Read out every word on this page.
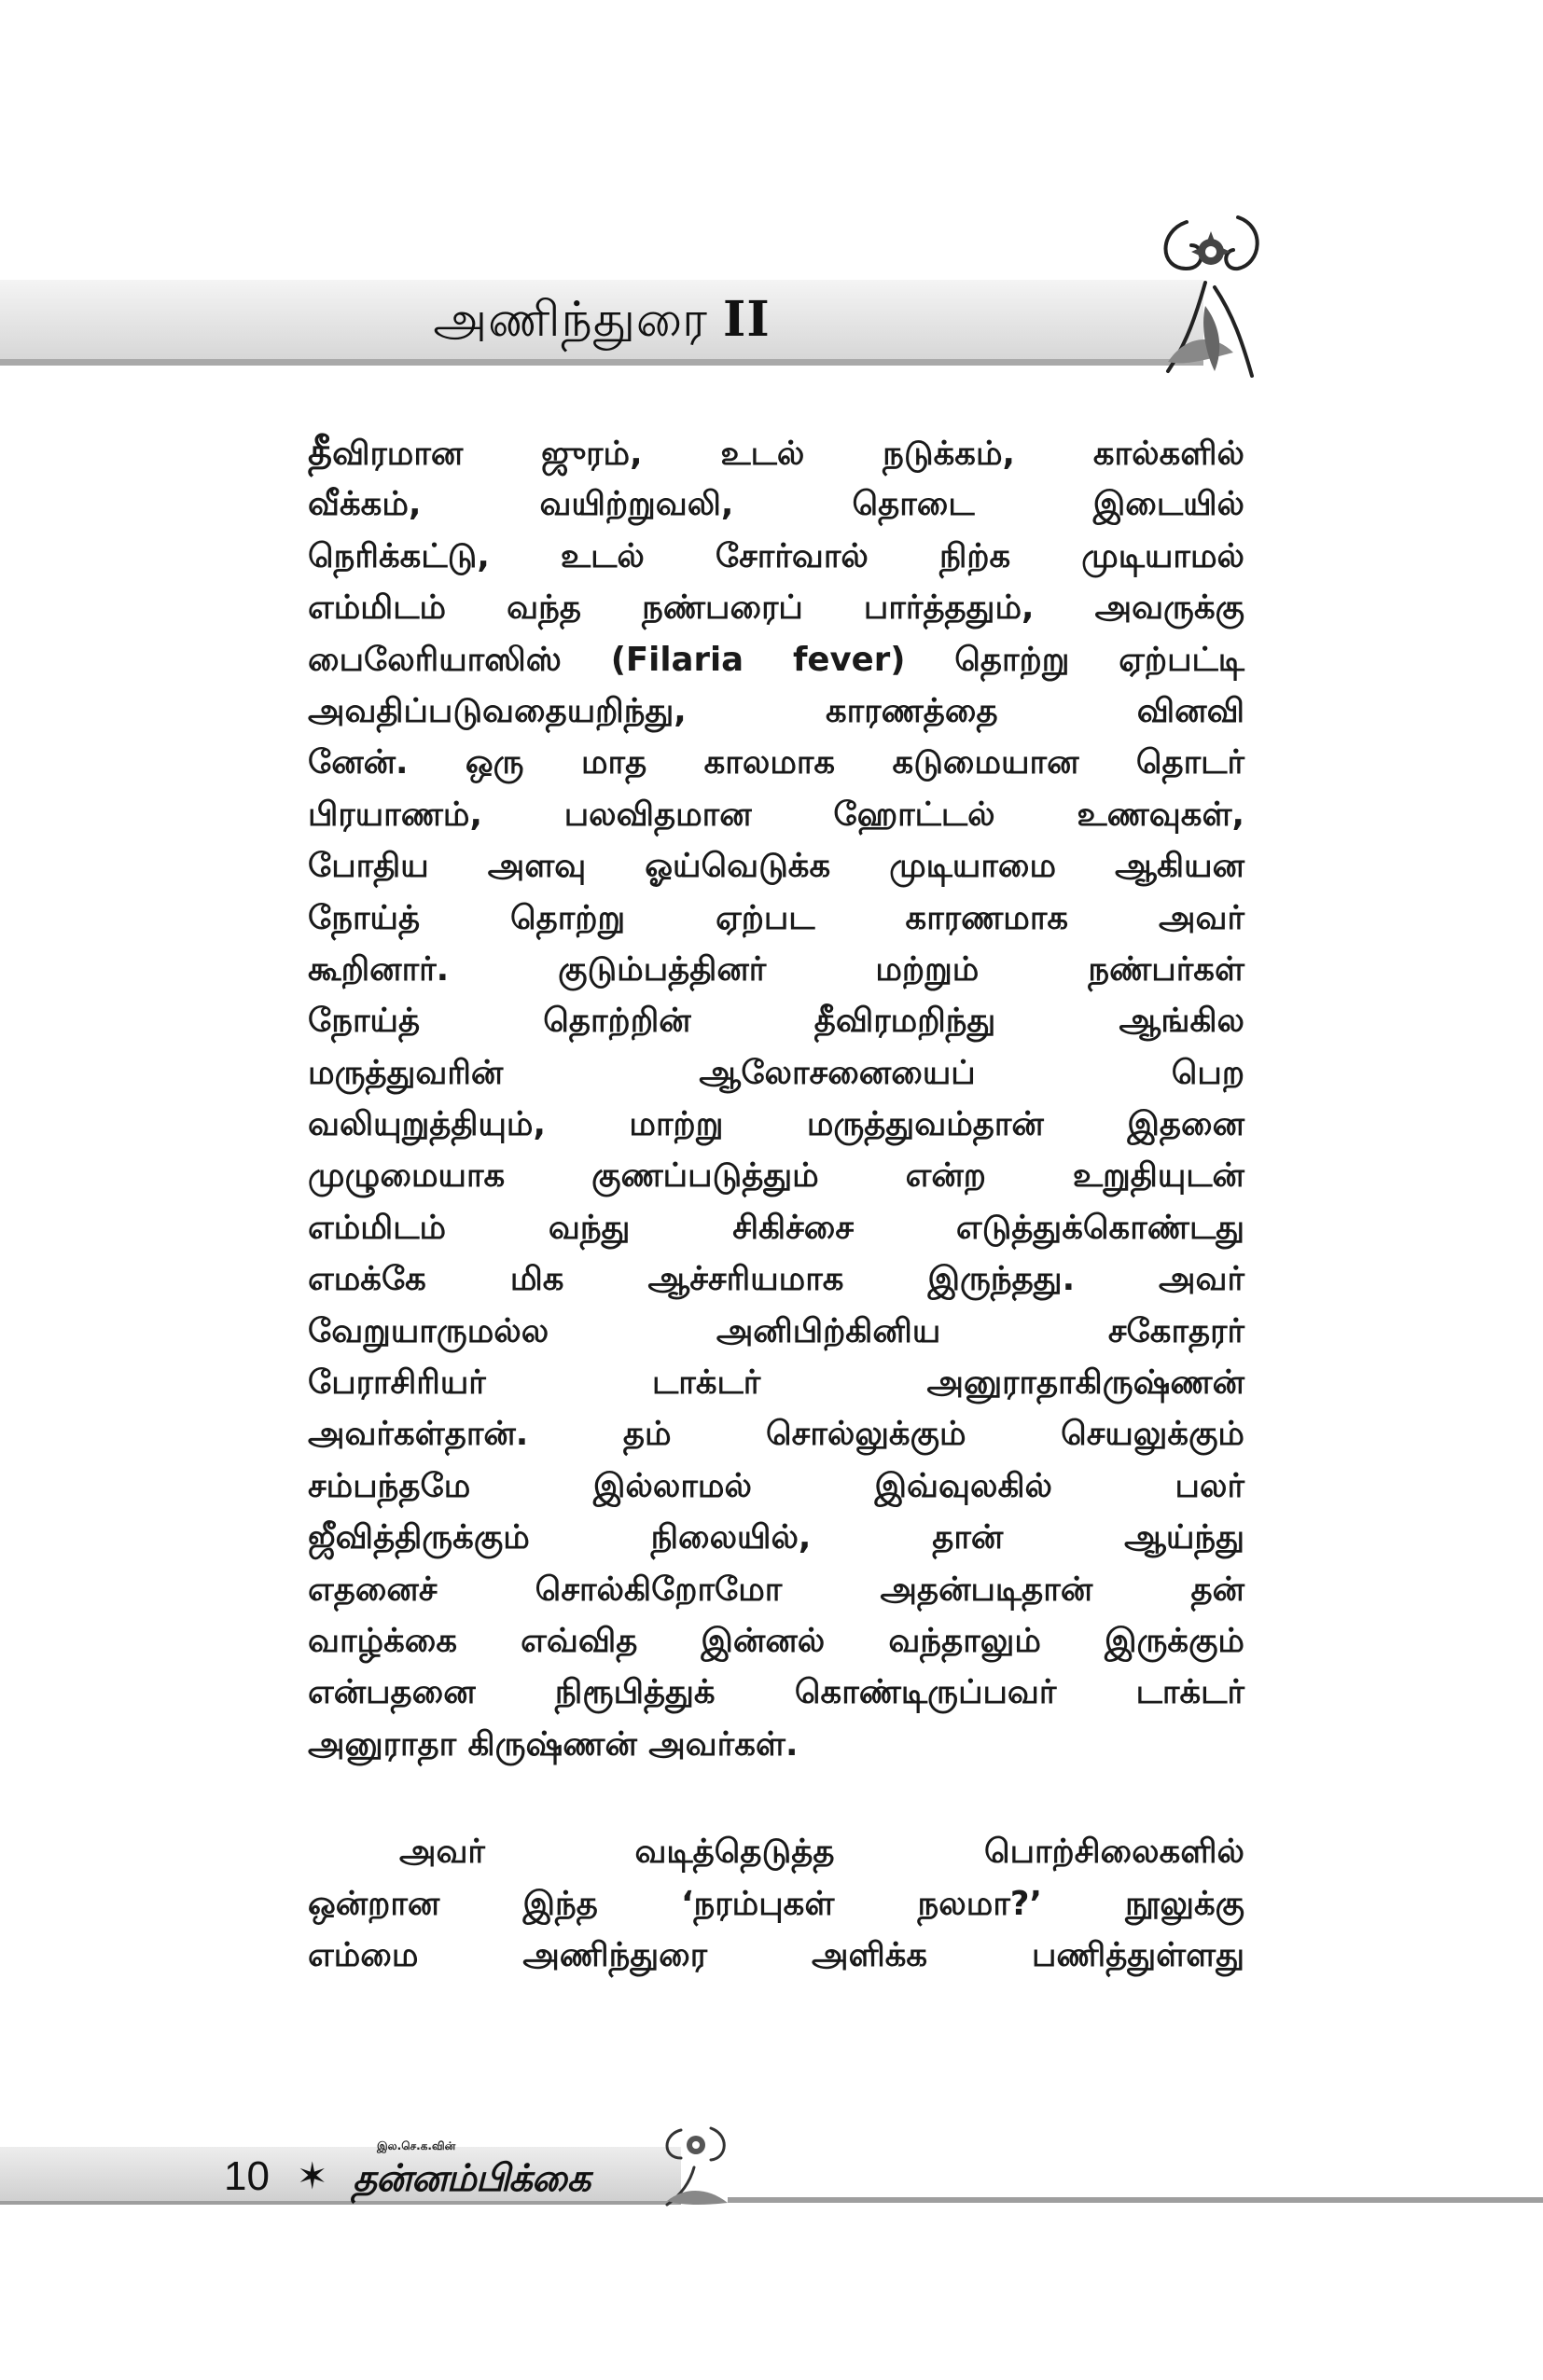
அணிந்துரை II
தீவிரமான ஜுரம், உடல் நடுக்கம், கால்களில்
வீக்கம், வயிற்றுவலி, தொடை இடையில்
நெரிக்கட்டு, உடல் சோர்வால் நிற்க முடியாமல்
எம்மிடம் வந்த நண்பரைப் பார்த்ததும், அவருக்கு
பைலேரியாஸிஸ் (Filaria fever) தொற்று ஏற்பட்டி
அவதிப்படுவதையறிந்து, காரணத்தை வினவி
னேன். ஒரு மாத காலமாக கடுமையான தொடர்
பிரயாணம், பலவிதமான ஹோட்டல் உணவுகள்,
போதிய அளவு ஓய்வெடுக்க முடியாமை ஆகியன
நோய்த் தொற்று ஏற்பட காரணமாக அவர்
கூறினார். குடும்பத்தினர் மற்றும் நண்பர்கள்
நோய்த் தொற்றின் தீவிரமறிந்து ஆங்கில
மருத்துவரின் ஆலோசனையைப் பெற
வலியுறுத்தியும், மாற்று மருத்துவம்தான் இதனை
முழுமையாக குணப்படுத்தும் என்ற உறுதியுடன்
எம்மிடம் வந்து சிகிச்சை எடுத்துக்கொண்டது
எமக்கே மிக ஆச்சரியமாக இருந்தது. அவர்
வேறுயாருமல்ல அனிபிற்கினிய சகோதரர்
பேராசிரியர் டாக்டர் அனுராதாகிருஷ்ணன்
அவர்கள்தான். தம் சொல்லுக்கும் செயலுக்கும்
சம்பந்தமே இல்லாமல் இவ்வுலகில் பலர்
ஜீவித்திருக்கும் நிலையில், தான் ஆய்ந்து
எதனைச் சொல்கிறோமோ அதன்படிதான் தன்
வாழ்க்கை எவ்வித இன்னல் வந்தாலும் இருக்கும்
என்பதனை நிரூபித்துக் கொண்டிருப்பவர் டாக்டர்
அனுராதா கிருஷ்ணன் அவர்கள்.
அவர் வடித்தெடுத்த பொற்சிலைகளில்
ஒன்றான இந்த ‘நரம்புகள் நலமா?’ நூலுக்கு
எம்மை அணிந்துரை அளிக்க பணித்துள்ளது
10 ✶
இல.செ.க.வின்
தன்னம்பிக்கை
